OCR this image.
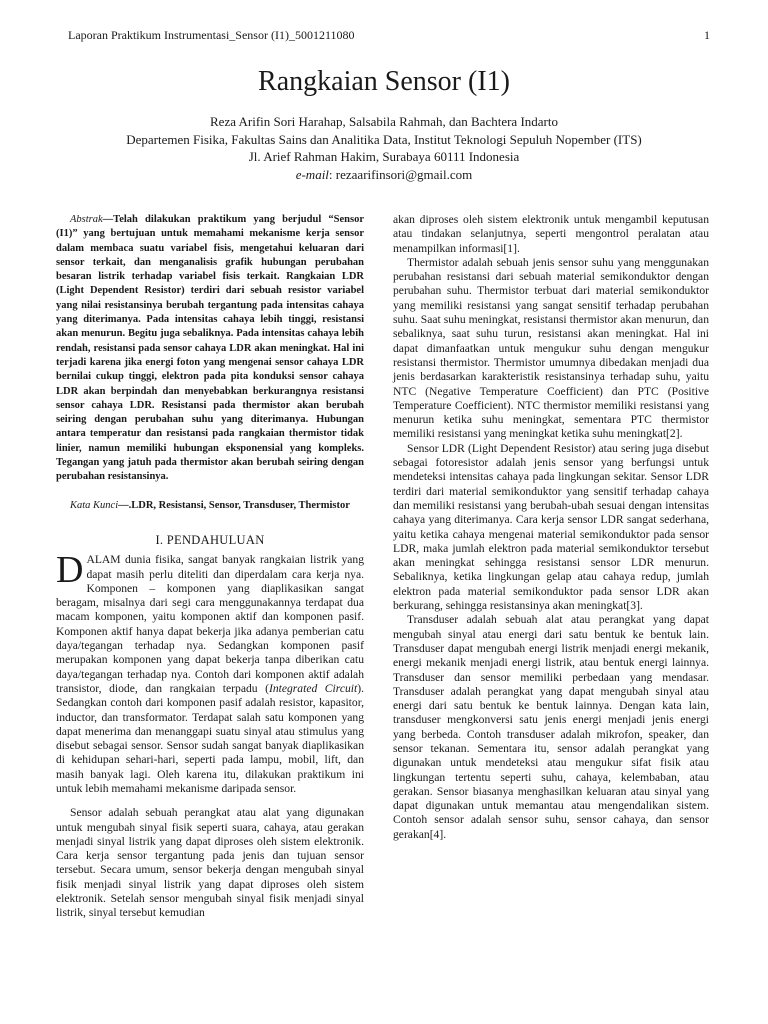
Laporan Praktikum Instrumentasi_Sensor (I1)_5001211080	1
Rangkaian Sensor (I1)
Reza Arifin Sori Harahap, Salsabila Rahmah, dan Bachtera Indarto
Departemen Fisika, Fakultas Sains dan Analitika Data, Institut Teknologi Sepuluh Nopember (ITS)
Jl. Arief Rahman Hakim, Surabaya 60111 Indonesia
e-mail: rezaarifinsori@gmail.com

Abstrak—Telah dilakukan praktikum yang berjudul “Sensor (I1)” yang bertujuan untuk memahami mekanisme kerja sensor dalam membaca suatu variabel fisis, mengetahui keluaran dari sensor terkait, dan menganalisis grafik hubungan perubahan besaran listrik terhadap variabel fisis terkait. Rangkaian LDR (Light Dependent Resistor) terdiri dari sebuah resistor variabel yang nilai resistansinya berubah tergantung pada intensitas cahaya yang diterimanya. Pada intensitas cahaya lebih tinggi, resistansi akan menurun. Begitu juga sebaliknya. Pada intensitas cahaya lebih rendah, resistansi pada sensor cahaya LDR akan meningkat. Hal ini terjadi karena jika energi foton yang mengenai sensor cahaya LDR bernilai cukup tinggi, elektron pada pita konduksi sensor cahaya LDR akan berpindah dan menyebabkan berkurangnya resistansi sensor cahaya LDR. Resistansi pada thermistor akan berubah seiring dengan perubahan suhu yang diterimanya. Hubungan antara temperatur dan resistansi pada rangkaian thermistor tidak linier, namun memiliki hubungan eksponensial yang kompleks. Tegangan yang jatuh pada thermistor akan berubah seiring dengan perubahan resistansinya.

Kata Kunci—.LDR, Resistansi, Sensor, Transduser, Thermistor

I. PENDAHULUAN

DALAM dunia fisika, sangat banyak rangkaian listrik yang dapat masih perlu diteliti dan diperdalam cara kerja nya. Komponen – komponen yang diaplikasikan sangat beragam, misalnya dari segi cara menggunakannya terdapat dua macam komponen, yaitu komponen aktif dan komponen pasif. Komponen aktif hanya dapat bekerja jika adanya pemberian catu daya/tegangan terhadap nya. Sedangkan komponen pasif merupakan komponen yang dapat bekerja tanpa diberikan catu daya/tegangan terhadap nya. Contoh dari komponen aktif adalah transistor, diode, dan rangkaian terpadu (Integrated Circuit). Sedangkan contoh dari komponen pasif adalah resistor, kapasitor, inductor, dan transformator. Terdapat salah satu komponen yang dapat menerima dan menanggapi suatu sinyal atau stimulus yang disebut sebagai sensor. Sensor sudah sangat banyak diaplikasikan di kehidupan sehari-hari, seperti pada lampu, mobil, lift, dan masih banyak lagi. Oleh karena itu, dilakukan praktikum ini untuk lebih memahami mekanisme daripada sensor.

Sensor adalah sebuah perangkat atau alat yang digunakan untuk mengubah sinyal fisik seperti suara, cahaya, atau gerakan menjadi sinyal listrik yang dapat diproses oleh sistem elektronik. Cara kerja sensor tergantung pada jenis dan tujuan sensor tersebut. Secara umum, sensor bekerja dengan mengubah sinyal fisik menjadi sinyal listrik yang dapat diproses oleh sistem elektronik. Setelah sensor mengubah sinyal fisik menjadi sinyal listrik, sinyal tersebut kemudian

akan diproses oleh sistem elektronik untuk mengambil keputusan atau tindakan selanjutnya, seperti mengontrol peralatan atau menampilkan informasi[1].

Thermistor adalah sebuah jenis sensor suhu yang menggunakan perubahan resistansi dari sebuah material semikonduktor dengan perubahan suhu. Thermistor terbuat dari material semikonduktor yang memiliki resistansi yang sangat sensitif terhadap perubahan suhu. Saat suhu meningkat, resistansi thermistor akan menurun, dan sebaliknya, saat suhu turun, resistansi akan meningkat. Hal ini dapat dimanfaatkan untuk mengukur suhu dengan mengukur resistansi thermistor. Thermistor umumnya dibedakan menjadi dua jenis berdasarkan karakteristik resistansinya terhadap suhu, yaitu NTC (Negative Temperature Coefficient) dan PTC (Positive Temperature Coefficient). NTC thermistor memiliki resistansi yang menurun ketika suhu meningkat, sementara PTC thermistor memiliki resistansi yang meningkat ketika suhu meningkat[2].

Sensor LDR (Light Dependent Resistor) atau sering juga disebut sebagai fotoresistor adalah jenis sensor yang berfungsi untuk mendeteksi intensitas cahaya pada lingkungan sekitar. Sensor LDR terdiri dari material semikonduktor yang sensitif terhadap cahaya dan memiliki resistansi yang berubah-ubah sesuai dengan intensitas cahaya yang diterimanya. Cara kerja sensor LDR sangat sederhana, yaitu ketika cahaya mengenai material semikonduktor pada sensor LDR, maka jumlah elektron pada material semikonduktor tersebut akan meningkat sehingga resistansi sensor LDR menurun. Sebaliknya, ketika lingkungan gelap atau cahaya redup, jumlah elektron pada material semikonduktor pada sensor LDR akan berkurang, sehingga resistansinya akan meningkat[3].

Transduser adalah sebuah alat atau perangkat yang dapat mengubah sinyal atau energi dari satu bentuk ke bentuk lain. Transduser dapat mengubah energi listrik menjadi energi mekanik, energi mekanik menjadi energi listrik, atau bentuk energi lainnya. Transduser dan sensor memiliki perbedaan yang mendasar. Transduser adalah perangkat yang dapat mengubah sinyal atau energi dari satu bentuk ke bentuk lainnya. Dengan kata lain, transduser mengkonversi satu jenis energi menjadi jenis energi yang berbeda. Contoh transduser adalah mikrofon, speaker, dan sensor tekanan. Sementara itu, sensor adalah perangkat yang digunakan untuk mendeteksi atau mengukur sifat fisik atau lingkungan tertentu seperti suhu, cahaya, kelembaban, atau gerakan. Sensor biasanya menghasilkan keluaran atau sinyal yang dapat digunakan untuk memantau atau mengendalikan sistem. Contoh sensor adalah sensor suhu, sensor cahaya, dan sensor gerakan[4].
